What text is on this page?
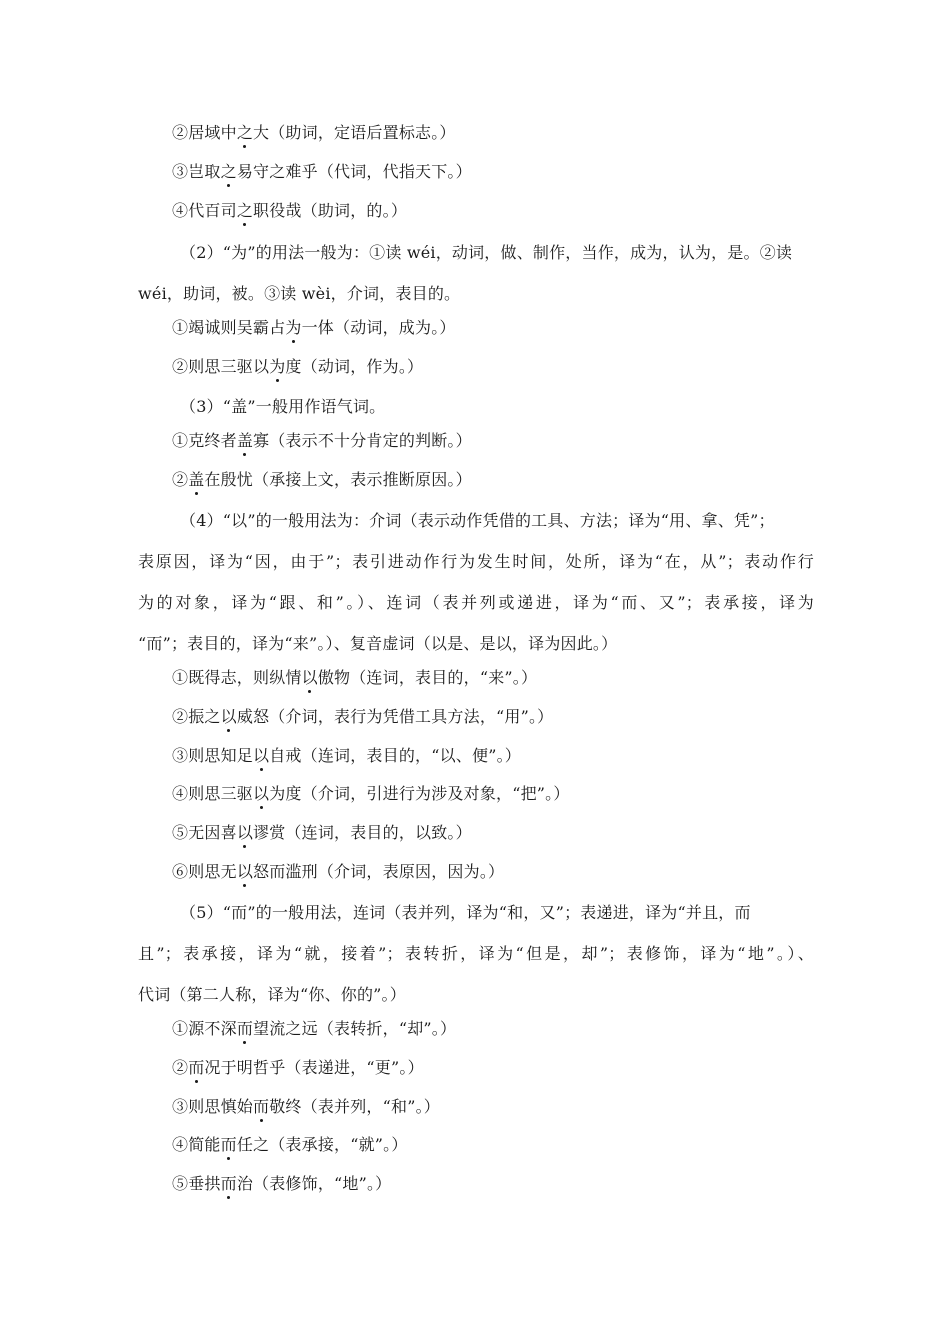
②居域中之大（助词，定语后置标志。）
③岂取之易守之难乎（代词，代指天下。）
④代百司之职役哉（助词，的。）
（2）“为”的用法一般为：①读 wéi，动词，做、制作，当作，成为，认为，是。②读
wéi，助词，被。③读 wèi，介词，表目的。
①竭诚则吴霸占为一体（动词，成为。）
②则思三驱以为度（动词，作为。）
（3）“盖”一般用作语气词。
①克终者盖寡（表示不十分肯定的判断。）
②盖在殷忧（承接上文，表示推断原因。）
（4）“以”的一般用法为：介词（表示动作凭借的工具、方法；译为“用、拿、凭”；
表原因，译为“因，由于”；表引进动作行为发生时间，处所，译为“在，从”；表动作行
为的对象，译为“跟、和”。）、连词（表并列或递进，译为“而、又”；表承接，译为
“而”；表目的，译为“来”。）、复音虚词（以是、是以，译为因此。）
①既得志，则纵情以傲物（连词，表目的，“来”。）
②振之以威怒（介词，表行为凭借工具方法，“用”。）
③则思知足以自戒（连词，表目的，“以、便”。）
④则思三驱以为度（介词，引进行为涉及对象，“把”。）
⑤无因喜以谬赏（连词，表目的，以致。）
⑥则思无以怒而滥刑（介词，表原因，因为。）
（5）“而”的一般用法，连词（表并列，译为“和，又”；表递进，译为“并且，而
且”；表承接，译为“就，接着”；表转折，译为“但是，却”；表修饰，译为“地”。）、
代词（第二人称，译为“你、你的”。）
①源不深而望流之远（表转折，“却”。）
②而况于明哲乎（表递进，“更”。）
③则思慎始而敬终（表并列，“和”。）
④简能而任之（表承接，“就”。）
⑤垂拱而治（表修饰，“地”。）
